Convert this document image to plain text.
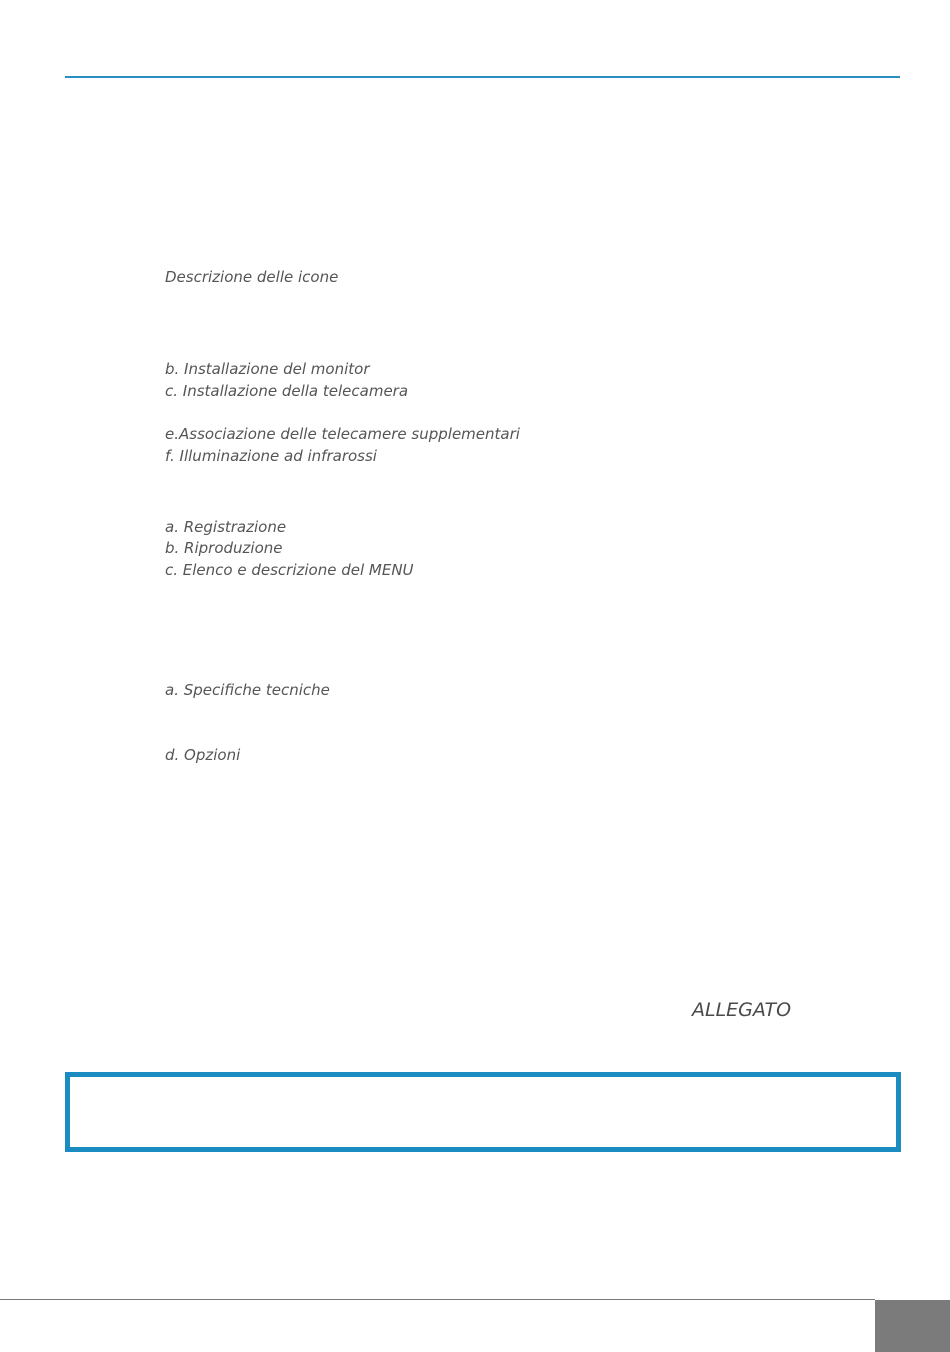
Descrizione delle icone
b. Installazione del monitor
c. Installazione della telecamera
e.Associazione delle telecamere supplementari
f. Illuminazione ad infrarossi
a. Registrazione
b. Riproduzione
c. Elenco e descrizione del MENU
a. Specifiche tecniche
d. Opzioni
ALLEGATO
